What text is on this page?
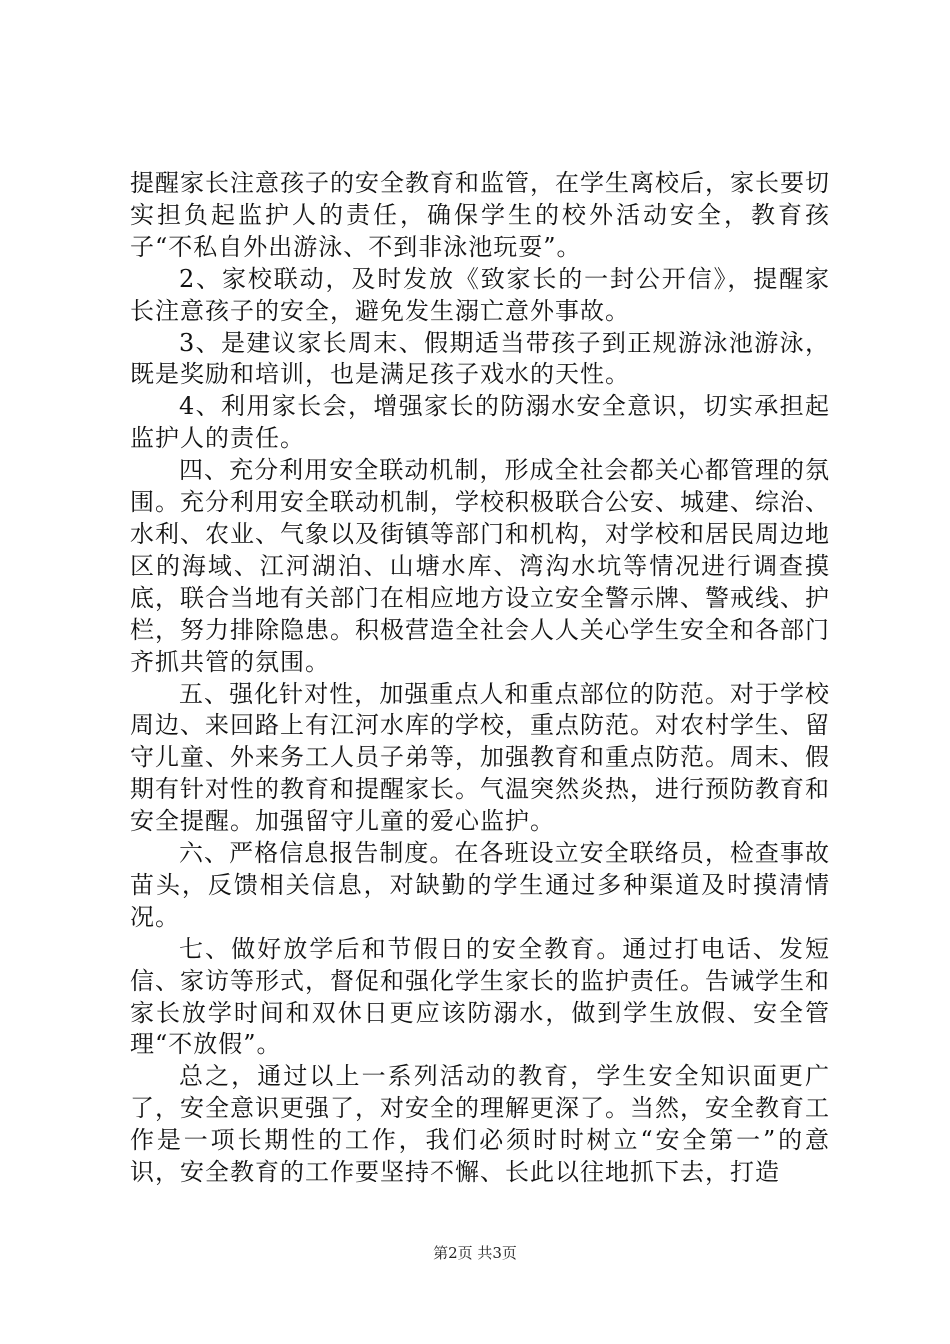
提醒家长注意孩子的安全教育和监管，在学生离校后，家长要切实担负起监护人的责任，确保学生的校外活动安全，教育孩子“不私自外出游泳、不到非泳池玩耍”。

2、家校联动，及时发放《致家长的一封公开信》，提醒家长注意孩子的安全，避免发生溺亡意外事故。

3、是建议家长周末、假期适当带孩子到正规游泳池游泳，既是奖励和培训，也是满足孩子戏水的天性。

4、利用家长会，增强家长的防溺水安全意识，切实承担起监护人的责任。

四、充分利用安全联动机制，形成全社会都关心都管理的氛围。充分利用安全联动机制，学校积极联合公安、城建、综治、水利、农业、气象以及街镇等部门和机构，对学校和居民周边地区的海域、江河湖泊、山塘水库、湾沟水坑等情况进行调查摸底，联合当地有关部门在相应地方设立安全警示牌、警戒线、护栏，努力排除隐患。积极营造全社会人人关心学生安全和各部门齐抓共管的氛围。

五、强化针对性，加强重点人和重点部位的防范。对于学校周边、来回路上有江河水库的学校，重点防范。对农村学生、留守儿童、外来务工人员子弟等，加强教育和重点防范。周末、假期有针对性的教育和提醒家长。气温突然炎热，进行预防教育和安全提醒。加强留守儿童的爱心监护。

六、严格信息报告制度。在各班设立安全联络员，检查事故苗头，反馈相关信息，对缺勤的学生通过多种渠道及时摸清情况。

七、做好放学后和节假日的安全教育。通过打电话、发短信、家访等形式，督促和强化学生家长的监护责任。告诫学生和家长放学时间和双休日更应该防溺水，做到学生放假、安全管理“不放假”。

总之，通过以上一系列活动的教育，学生安全知识面更广了，安全意识更强了，对安全的理解更深了。当然，安全教育工作是一项长期性的工作，我们必须时时树立“安全第一”的意识，安全教育的工作要坚持不懈、长此以往地抓下去，打造

第2页 共3页
